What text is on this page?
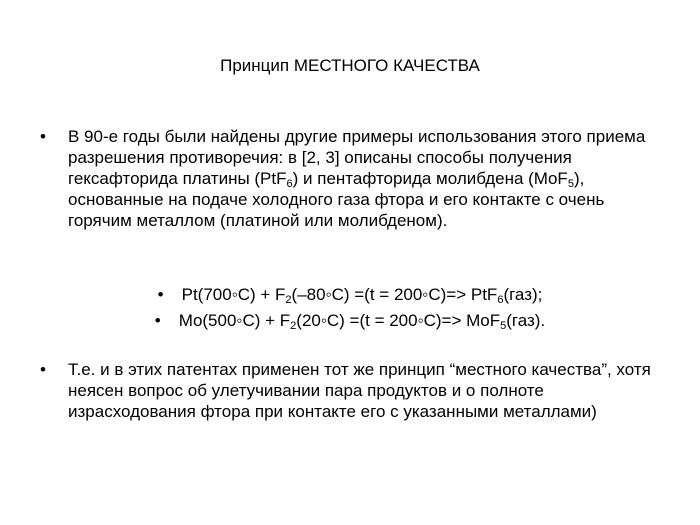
Принцип МЕСТНОГО КАЧЕСТВА
• В 90-е годы были найдены другие примеры использования этого приема разрешения противоречия: в [2, 3] описаны способы получения гексафторида платины (PtF$_6$) и пентафторида молибдена (MoF$_5$), основанные на подаче холодного газа фтора и его контакте с очень горячим металлом (платиной или молибденом).
• Pt(700◦C) + $F_2(-80◦C) =(t$ = 200◦C)=> PtF$_6$(газ);
• Mo(500◦C) + $F_2(20◦C) =(t$ = 200◦C)=> MoF$_5$(газ).
• Т.е. и в этих патентах применен тот же принцип “местного качества”, хотя неясен вопрос об улетучивании пара продуктов и о полноте израсходования фтора при контакте его с указанными металлами)
